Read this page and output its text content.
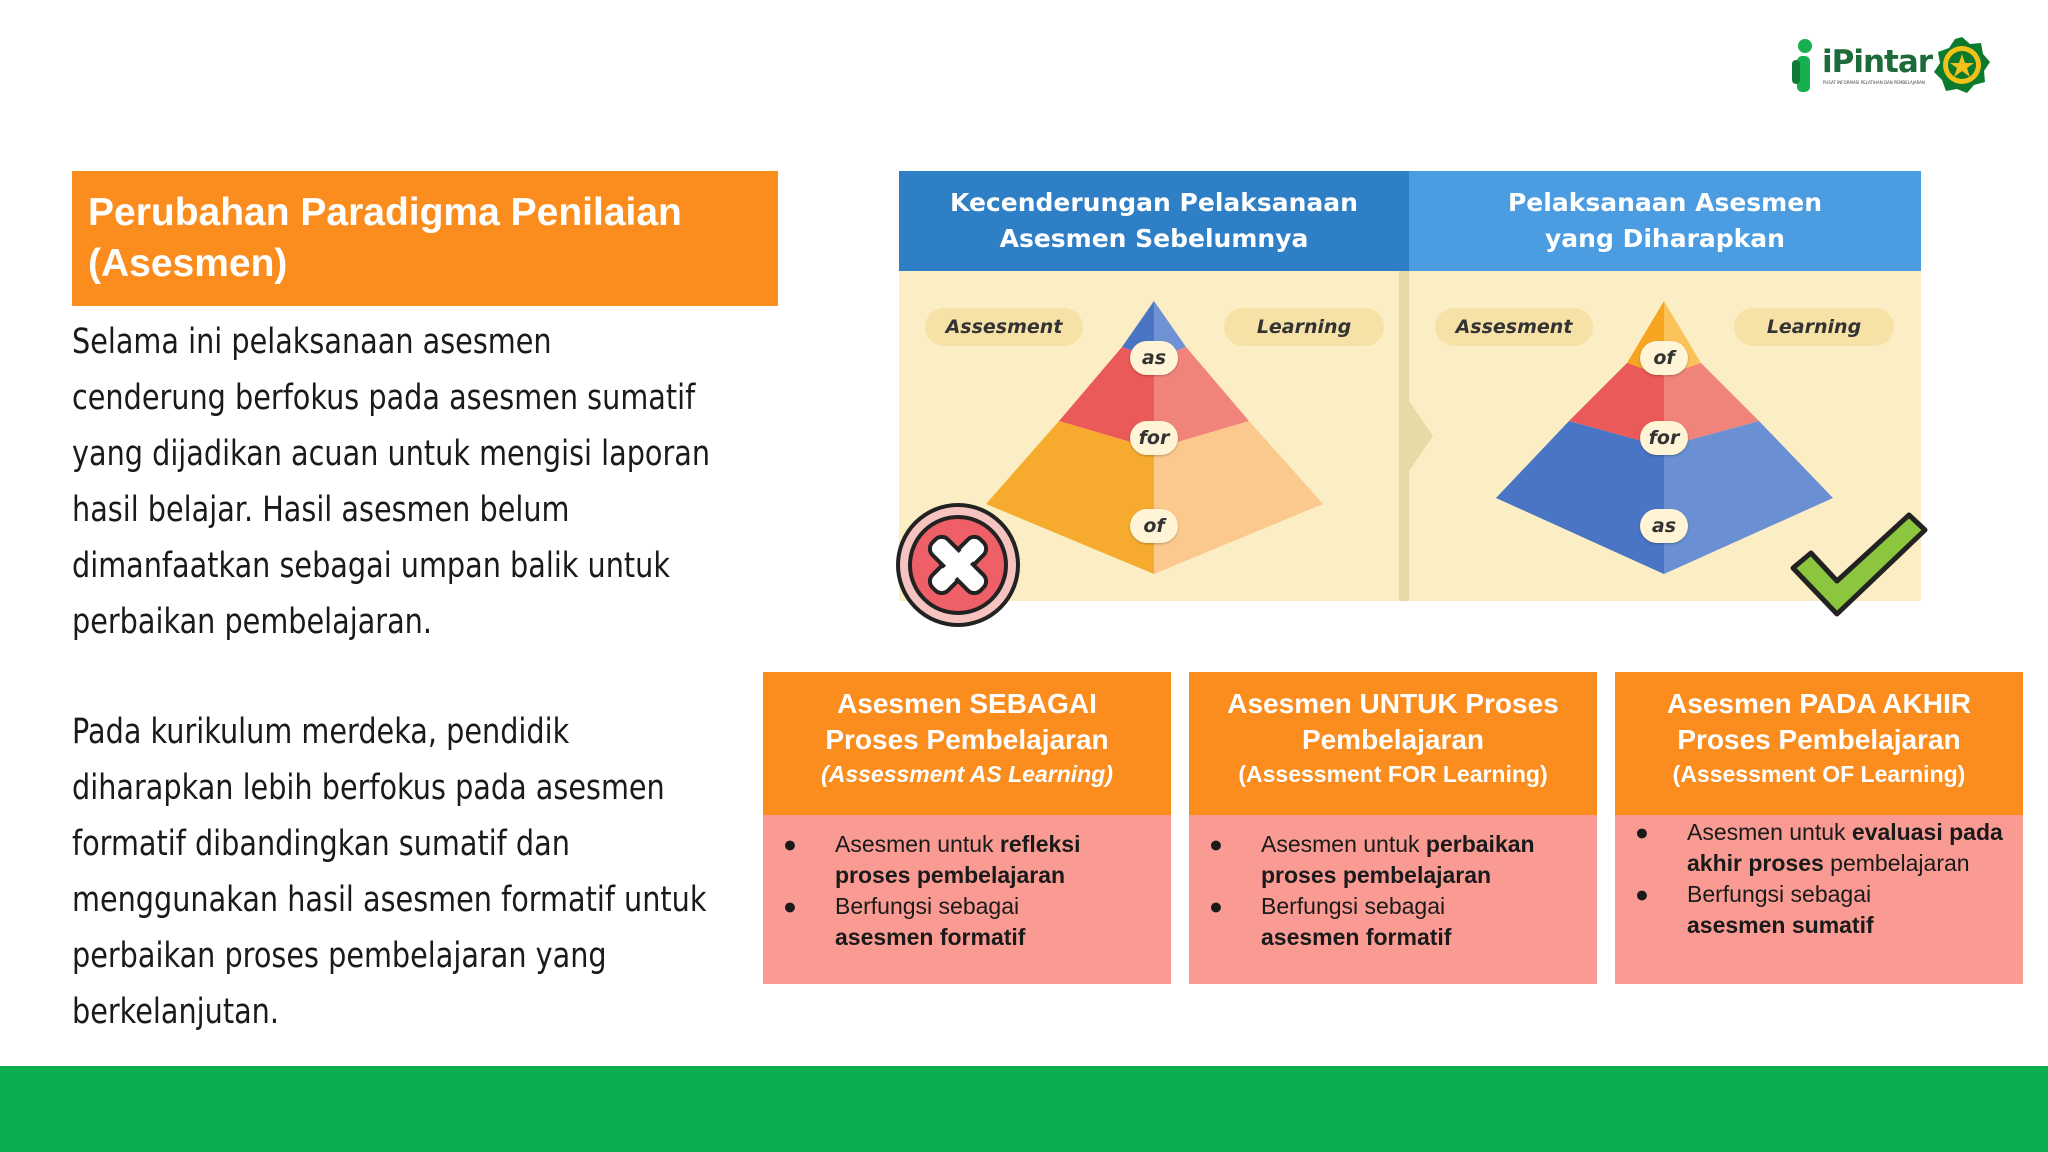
iPintar
PUSAT INFORMASI PELATIHAN DAN PEMBELAJARAN
Perubahan Paradigma Penilaian
(Asesmen)
Selama ini pelaksanaan asesmen
cenderung berfokus pada asesmen sumatif
yang dijadikan acuan untuk mengisi laporan
hasil belajar. Hasil asesmen belum
dimanfaatkan sebagai umpan balik untuk
perbaikan pembelajaran.
Pada kurikulum merdeka, pendidik
diharapkan lebih berfokus pada asesmen
formatif dibandingkan sumatif dan
menggunakan hasil asesmen formatif untuk
perbaikan proses pembelajaran yang
berkelanjutan.
Kecenderungan Pelaksanaan
Asesmen Sebelumnya
Pelaksanaan Asesmen
yang Diharapkan
Assesment	Learning	Assesment	Learning
as
for
of
of
for
as
Asesmen SEBAGAI
Proses Pembelajaran
(Assessment AS Learning)
● Asesmen untuk refleksi proses pembelajaran
● Berfungsi sebagai
asesmen formatif
Asesmen UNTUK Proses
Pembelajaran
(Assessment FOR Learning)
● Asesmen untuk perbaikan proses pembelajaran
● Berfungsi sebagai
asesmen formatif
Asesmen PADA AKHIR
Proses Pembelajaran
(Assessment OF Learning)
● Asesmen untuk evaluasi pada akhir proses pembelajaran
● Berfungsi sebagai
asesmen sumatif
